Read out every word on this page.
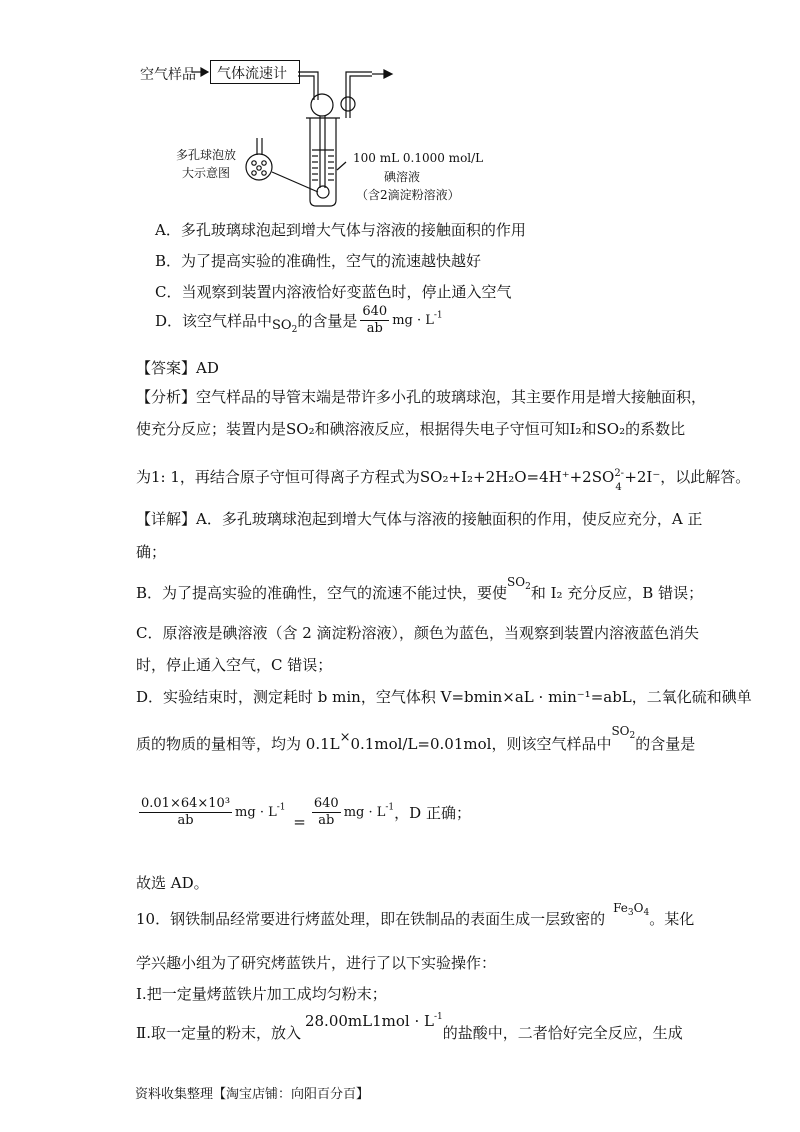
空气样品 气体流速计
多孔球泡放
大示意图
100 mL 0.1000 mol/L
碘溶液
（含2滴淀粉溶液）
A．多孔玻璃球泡起到增大气体与溶液的接触面积的作用
B．为了提高实验的准确性，空气的流速越快越好
C．当观察到装置内溶液恰好变蓝色时，停止通入空气
D．该空气样品中$SO_2$的含量是 $\frac{640}{ab}$ mg · $L^{-1}$
【答案】AD
【分析】空气样品的导管末端是带许多小孔的玻璃球泡，其主要作用是增大接触面积，
使充分反应；装置内是SO₂和碘溶液反应，根据得失电子守恒可知I₂和SO₂的系数比
为1: 1，再结合原子守恒可得离子方程式为SO₂+I₂+2H₂O=4H⁺+2SO 2-
4
+2I⁻，以此解答。
【详解】A．多孔玻璃球泡起到增大气体与溶液的接触面积的作用，使反应充分，A 正
确；
B．为了提高实验的准确性，空气的流速不能过快，要使$^{SO_2}$和 I₂ 充分反应，B 错误；
C．原溶液是碘溶液（含 2 滴淀粉溶液），颜色为蓝色，当观察到装置内溶液蓝色消失
时，停止通入空气，C 错误；
D．实验结束时，测定耗时 b min，空气体积 V=bmin×aL · min⁻¹=abL，二氧化硫和碘单
质的物质的量相等，均为 0.1L×0.1mol/L=0.01mol，则该空气样品中$^{SO_2}$的含量是
$\frac{\text{0.01×64×10³}}{ab}$ mg · $L^{-1} = \frac{640}{ab}$ mg · $L^{-1}$，D 正确；
故选 AD。
10．钢铁制品经常要进行烤蓝处理，即在铁制品的表面生成一层致密的$^{Fe_3O_4}$。某化
学兴趣小组为了研究烤蓝铁片，进行了以下实验操作：
Ⅰ.把一定量烤蓝铁片加工成均匀粉末；
Ⅱ.取一定量的粉末，放入$28.00mL1mol \cdot L^{-1}$的盐酸中，二者恰好完全反应，生成
资料收集整理【淘宝店铺：向阳百分百】
